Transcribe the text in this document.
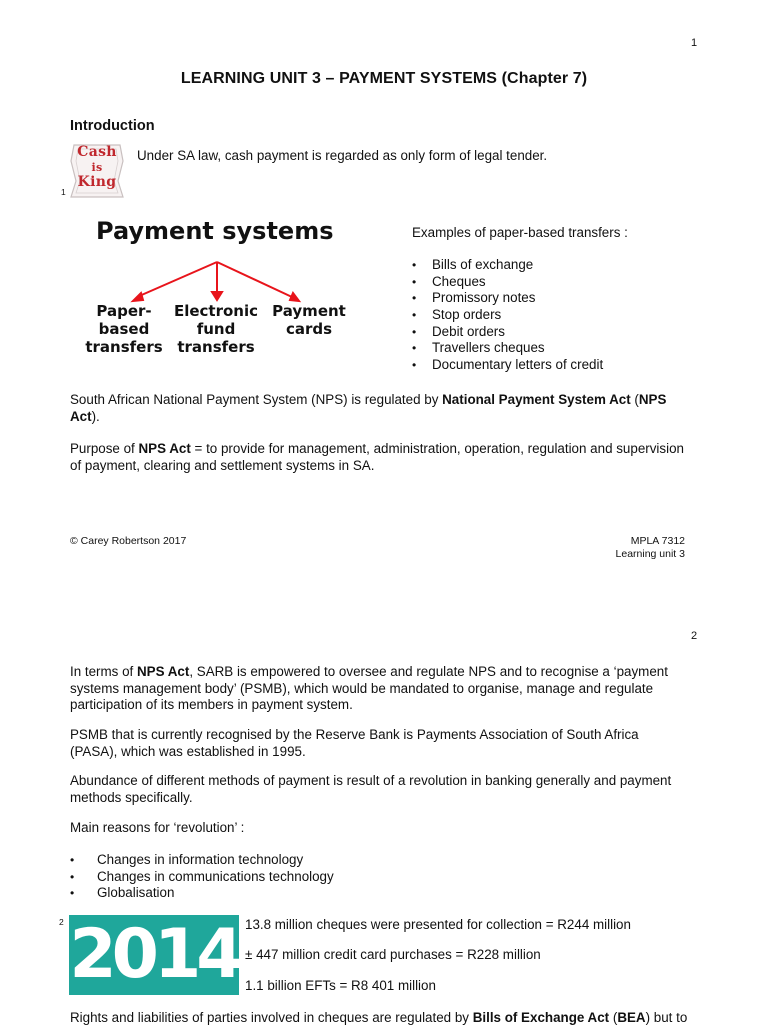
1
LEARNING UNIT 3 – PAYMENT SYSTEMS (Chapter 7)
Introduction
Cash
is
King
Under SA law, cash payment is regarded as only form of legal tender.
1
Payment systems
Paper-
based
transfers
Electronic
fund
transfers
Payment
cards
Examples of paper-based transfers :
• Bills of exchange
• Cheques
• Promissory notes
• Stop orders
• Debit orders
• Travellers cheques
• Documentary letters of credit
South African National Payment System (NPS) is regulated by National Payment System Act (NPS
Act).
Purpose of NPS Act = to provide for management, administration, operation, regulation and supervision
of payment, clearing and settlement systems in SA.
© Carey Robertson 2017	MPLA 7312
Learning unit 3
2
In terms of NPS Act, SARB is empowered to oversee and regulate NPS and to recognise a ‘payment
systems management body’ (PSMB), which would be mandated to organise, manage and regulate
participation of its members in payment system.
PSMB that is currently recognised by the Reserve Bank is Payments Association of South Africa
(PASA), which was established in 1995.
Abundance of different methods of payment is result of a revolution in banking generally and payment
methods specifically.
Main reasons for ‘revolution’ :
• Changes in information technology
• Changes in communications technology
• Globalisation
2 2014 13.8 million cheques were presented for collection = R244 million
± 447 million credit card purchases = R228 million
1.1 billion EFTs = R8 401 million
Rights and liabilities of parties involved in cheques are regulated by Bills of Exchange Act (BEA) but to
